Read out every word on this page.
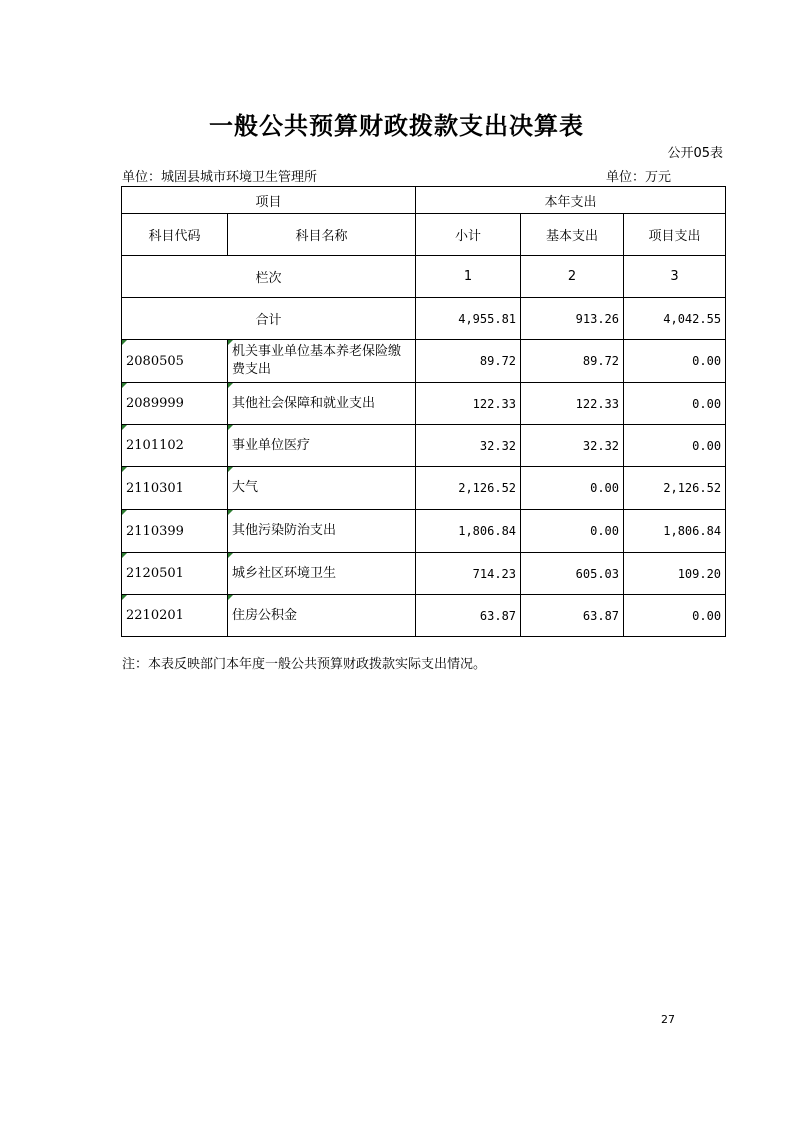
一般公共预算财政拨款支出决算表
公开05表
单位：城固县城市环境卫生管理所	单位：万元
项目		本年支出		
科目代码	科目名称	小计	基本支出	项目支出
栏次		1	2	3
合计		4,955.81	913.26	4,042.55
2080505	机关事业单位基本养老保险缴费支出	89.72	89.72	0.00
2089999	其他社会保障和就业支出	122.33	122.33	0.00
2101102	事业单位医疗	32.32	32.32	0.00
2110301	大气	2,126.52	0.00	2,126.52
2110399	其他污染防治支出	1,806.84	0.00	1,806.84
2120501	城乡社区环境卫生	714.23	605.03	109.20
2210201	住房公积金	63.87	63.87	0.00
注：本表反映部门本年度一般公共预算财政拨款实际支出情况。
27
